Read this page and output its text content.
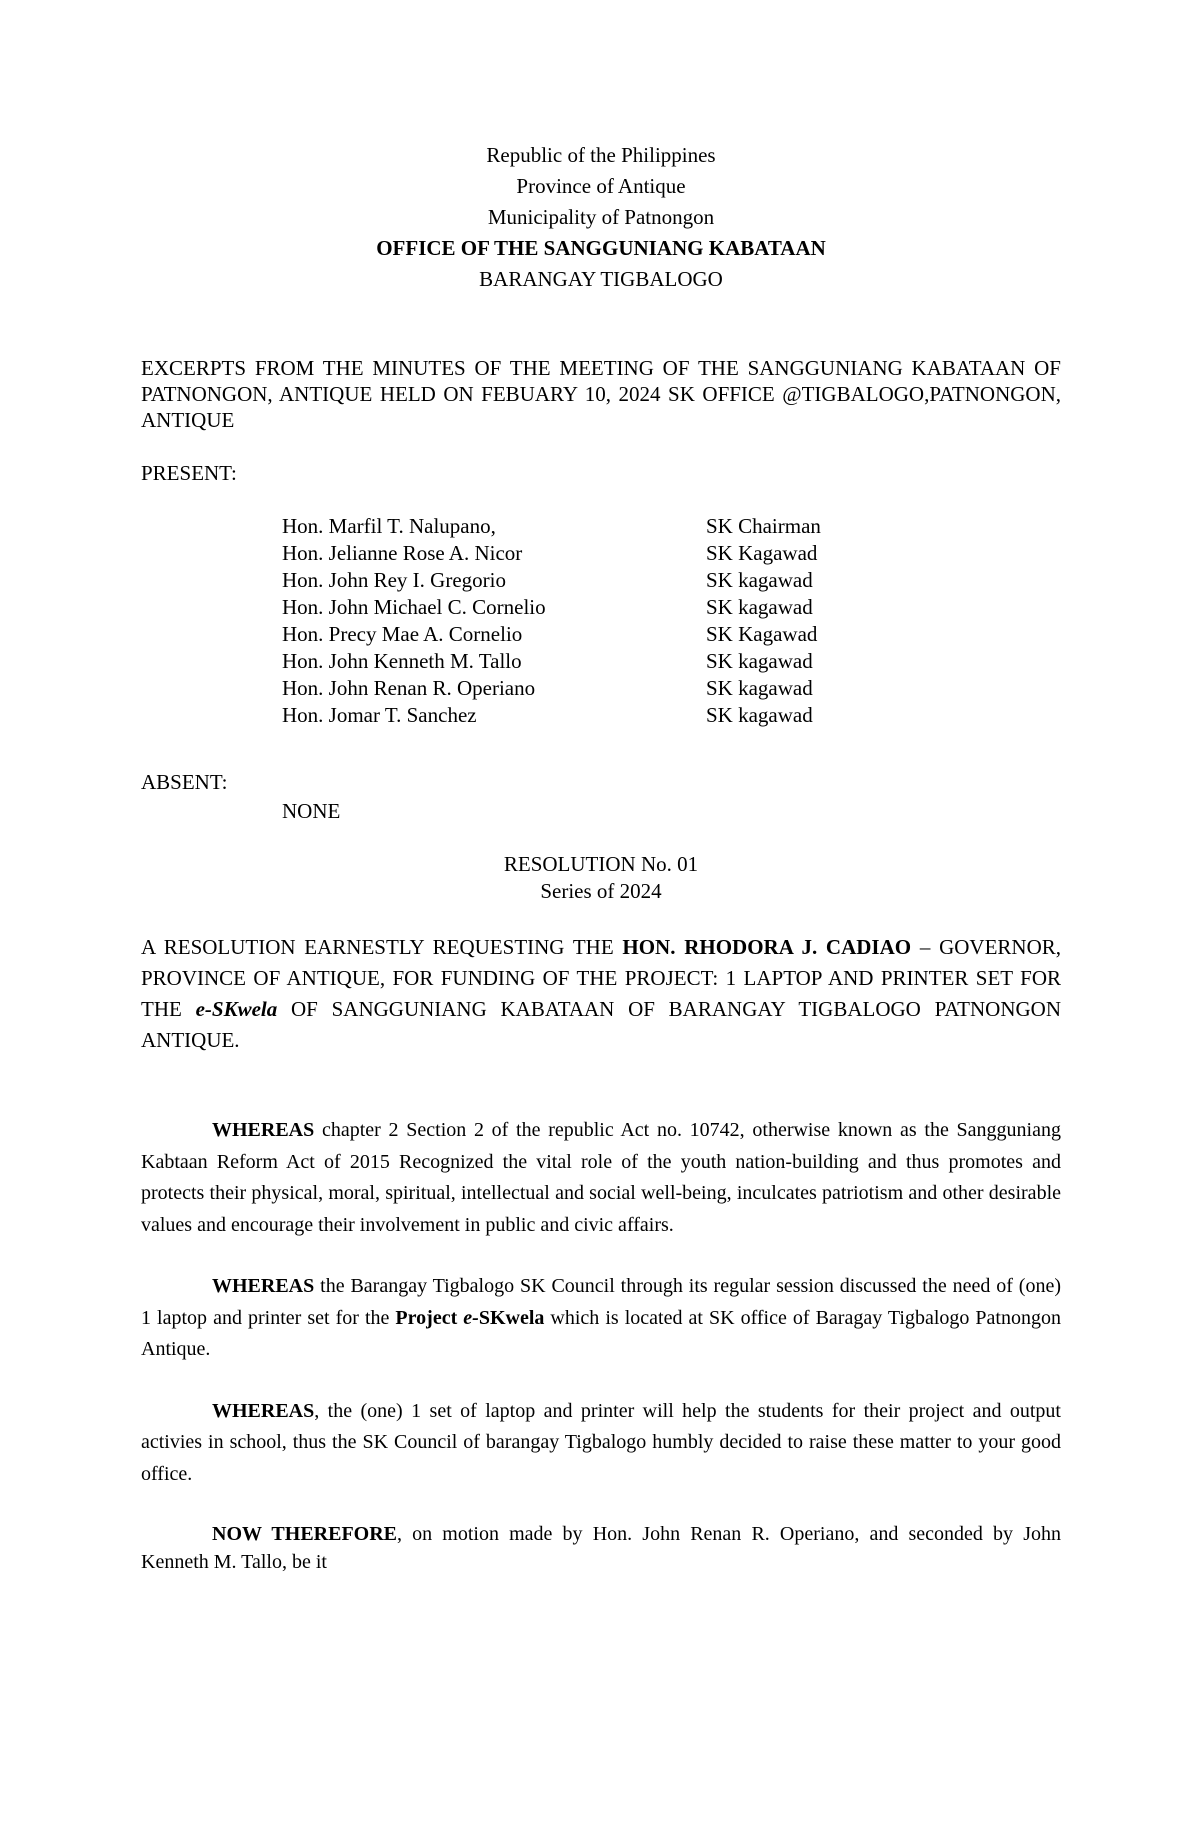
Republic of the Philippines
Province of Antique
Municipality of Patnongon
OFFICE OF THE SANGGUNIANG KABATAAN
BARANGAY TIGBALOGO
EXCERPTS FROM THE MINUTES OF THE MEETING OF THE SANGGUNIANG KABATAAN OF PATNONGON, ANTIQUE HELD ON FEBUARY 10, 2024 SK OFFICE @TIGBALOGO,PATNONGON, ANTIQUE
PRESENT:
Hon. Marfil T. Nalupano,	SK Chairman
Hon. Jelianne Rose A. Nicor	SK Kagawad
Hon. John Rey I. Gregorio	SK kagawad
Hon. John Michael C. Cornelio	SK kagawad
Hon. Precy Mae A. Cornelio	SK Kagawad
Hon. John Kenneth M. Tallo	SK kagawad
Hon. John Renan R. Operiano	SK kagawad
Hon. Jomar T. Sanchez	SK kagawad
ABSENT:
NONE
RESOLUTION No. 01
Series of 2024
A RESOLUTION EARNESTLY REQUESTING THE HON. RHODORA J. CADIAO – GOVERNOR, PROVINCE OF ANTIQUE, FOR FUNDING OF THE PROJECT: 1 LAPTOP AND PRINTER SET FOR THE e-SKwela OF SANGGUNIANG KABATAAN OF BARANGAY TIGBALOGO PATNONGON ANTIQUE.
WHEREAS chapter 2 Section 2 of the republic Act no. 10742, otherwise known as the Sangguniang Kabtaan Reform Act of 2015 Recognized the vital role of the youth nation-building and thus promotes and protects their physical, moral, spiritual, intellectual and social well-being, inculcates patriotism and other desirable values and encourage their involvement in public and civic affairs.
WHEREAS the Barangay Tigbalogo SK Council through its regular session discussed the need of (one) 1 laptop and printer set for the Project e-SKwela which is located at SK office of Baragay Tigbalogo Patnongon Antique.
WHEREAS, the (one) 1 set of laptop and printer will help the students for their project and output activies in school, thus the SK Council of barangay Tigbalogo humbly decided to raise these matter to your good office.
NOW THEREFORE, on motion made by Hon. John Renan R. Operiano, and seconded by John Kenneth M. Tallo, be it
